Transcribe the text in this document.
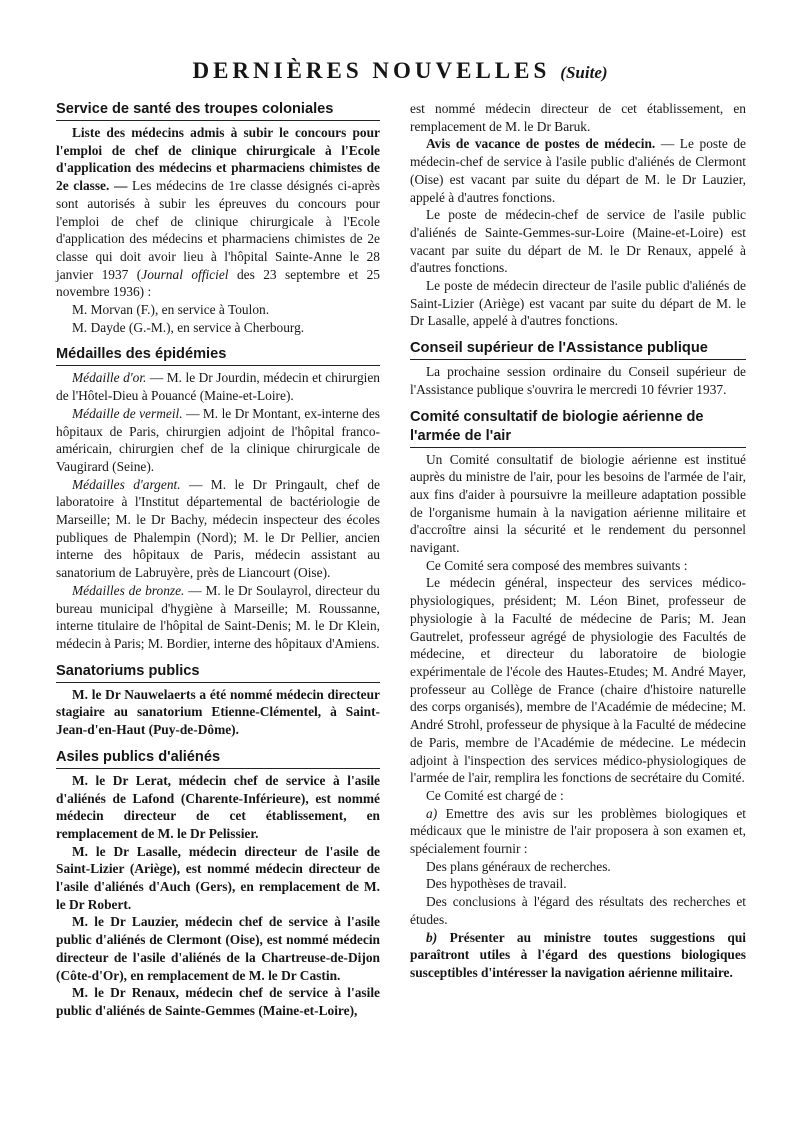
DERNIÈRES NOUVELLES (Suite)
Service de santé des troupes coloniales

Liste des médecins admis à subir le concours pour l'emploi de chef de clinique chirurgicale à l'Ecole d'application des médecins et pharmaciens chimistes de 2e classe. — Les médecins de 1re classe désignés ci-après sont autorisés à subir les épreuves du concours pour l'emploi de chef de clinique chirurgicale à l'Ecole d'application des médecins et pharmaciens chimistes de 2e classe qui doit avoir lieu à l'hôpital Sainte-Anne le 28 janvier 1937 (Journal officiel des 23 septembre et 25 novembre 1936) :

M. Morvan (F.), en service à Toulon.

M. Dayde (G.-M.), en service à Cherbourg.

Médailles des épidémies

Médaille d'or. — M. le Dr Jourdin, médecin et chirurgien de l'Hôtel-Dieu à Pouancé (Maine-et-Loire).

Médaille de vermeil. — M. le Dr Montant, ex-interne des hôpitaux de Paris, chirurgien adjoint de l'hôpital franco-américain, chirurgien chef de la clinique chirurgicale de Vaugirard (Seine).

Médailles d'argent. — M. le Dr Pringault, chef de laboratoire à l'Institut départemental de bactériologie de Marseille; M. le Dr Bachy, médecin inspecteur des écoles publiques de Phalempin (Nord); M. le Dr Pellier, ancien interne des hôpitaux de Paris, médecin assistant au sanatorium de Labruyère, près de Liancourt (Oise).

Médailles de bronze. — M. le Dr Soulayrol, directeur du bureau municipal d'hygiène à Marseille; M. Roussanne, interne titulaire de l'hôpital de Saint-Denis; M. le Dr Klein, médecin à Paris; M. Bordier, interne des hôpitaux d'Amiens.

Sanatoriums publics

M. le Dr Nauwelaerts a été nommé médecin directeur stagiaire au sanatorium Etienne-Clémentel, à Saint-Jean-d'en-Haut (Puy-de-Dôme).

Asiles publics d'aliénés

M. le Dr Lerat, médecin chef de service à l'asile d'aliénés de Lafond (Charente-Inférieure), est nommé médecin directeur de cet établissement, en remplacement de M. le Dr Pelissier.

M. le Dr Lasalle, médecin directeur de l'asile de Saint-Lizier (Ariège), est nommé médecin directeur de l'asile d'aliénés d'Auch (Gers), en remplacement de M. le Dr Robert.

M. le Dr Lauzier, médecin chef de service à l'asile public d'aliénés de Clermont (Oise), est nommé médecin directeur de l'asile d'aliénés de la Chartreuse-de-Dijon (Côte-d'Or), en remplacement de M. le Dr Castin.

M. le Dr Renaux, médecin chef de service à l'asile public d'aliénés de Sainte-Gemmes (Maine-et-Loire),

est nommé médecin directeur de cet établissement, en remplacement de M. le Dr Baruk.

Avis de vacance de postes de médecin. — Le poste de médecin-chef de service à l'asile public d'aliénés de Clermont (Oise) est vacant par suite du départ de M. le Dr Lauzier, appelé à d'autres fonctions.

Le poste de médecin-chef de service de l'asile public d'aliénés de Sainte-Gemmes-sur-Loire (Maine-et-Loire) est vacant par suite du départ de M. le Dr Renaux, appelé à d'autres fonctions.

Le poste de médecin directeur de l'asile public d'aliénés de Saint-Lizier (Ariège) est vacant par suite du départ de M. le Dr Lasalle, appelé à d'autres fonctions.

Conseil supérieur de l'Assistance publique

La prochaine session ordinaire du Conseil supérieur de l'Assistance publique s'ouvrira le mercredi 10 février 1937.

Comité consultatif de biologie aérienne de l'armée de l'air

Un Comité consultatif de biologie aérienne est institué auprès du ministre de l'air, pour les besoins de l'armée de l'air, aux fins d'aider à poursuivre la meilleure adaptation possible de l'organisme humain à la navigation aérienne militaire et d'accroître ainsi la sécurité et le rendement du personnel navigant.

Ce Comité sera composé des membres suivants :

Le médecin général, inspecteur des services médico-physiologiques, président; M. Léon Binet, professeur de physiologie à la Faculté de médecine de Paris; M. Jean Gautrelet, professeur agrégé de physiologie des Facultés de médecine, et directeur du laboratoire de biologie expérimentale de l'école des Hautes-Etudes; M. André Mayer, professeur au Collège de France (chaire d'histoire naturelle des corps organisés), membre de l'Académie de médecine; M. André Strohl, professeur de physique à la Faculté de médecine de Paris, membre de l'Académie de médecine. Le médecin adjoint à l'inspection des services médico-physiologiques de l'armée de l'air, remplira les fonctions de secrétaire du Comité.

Ce Comité est chargé de :

a) Emettre des avis sur les problèmes biologiques et médicaux que le ministre de l'air proposera à son examen et, spécialement fournir :

Des plans généraux de recherches.

Des hypothèses de travail.

Des conclusions à l'égard des résultats des recherches et études.

b) Présenter au ministre toutes suggestions qui paraîtront utiles à l'égard des questions biologiques susceptibles d'intéresser la navigation aérienne militaire.
